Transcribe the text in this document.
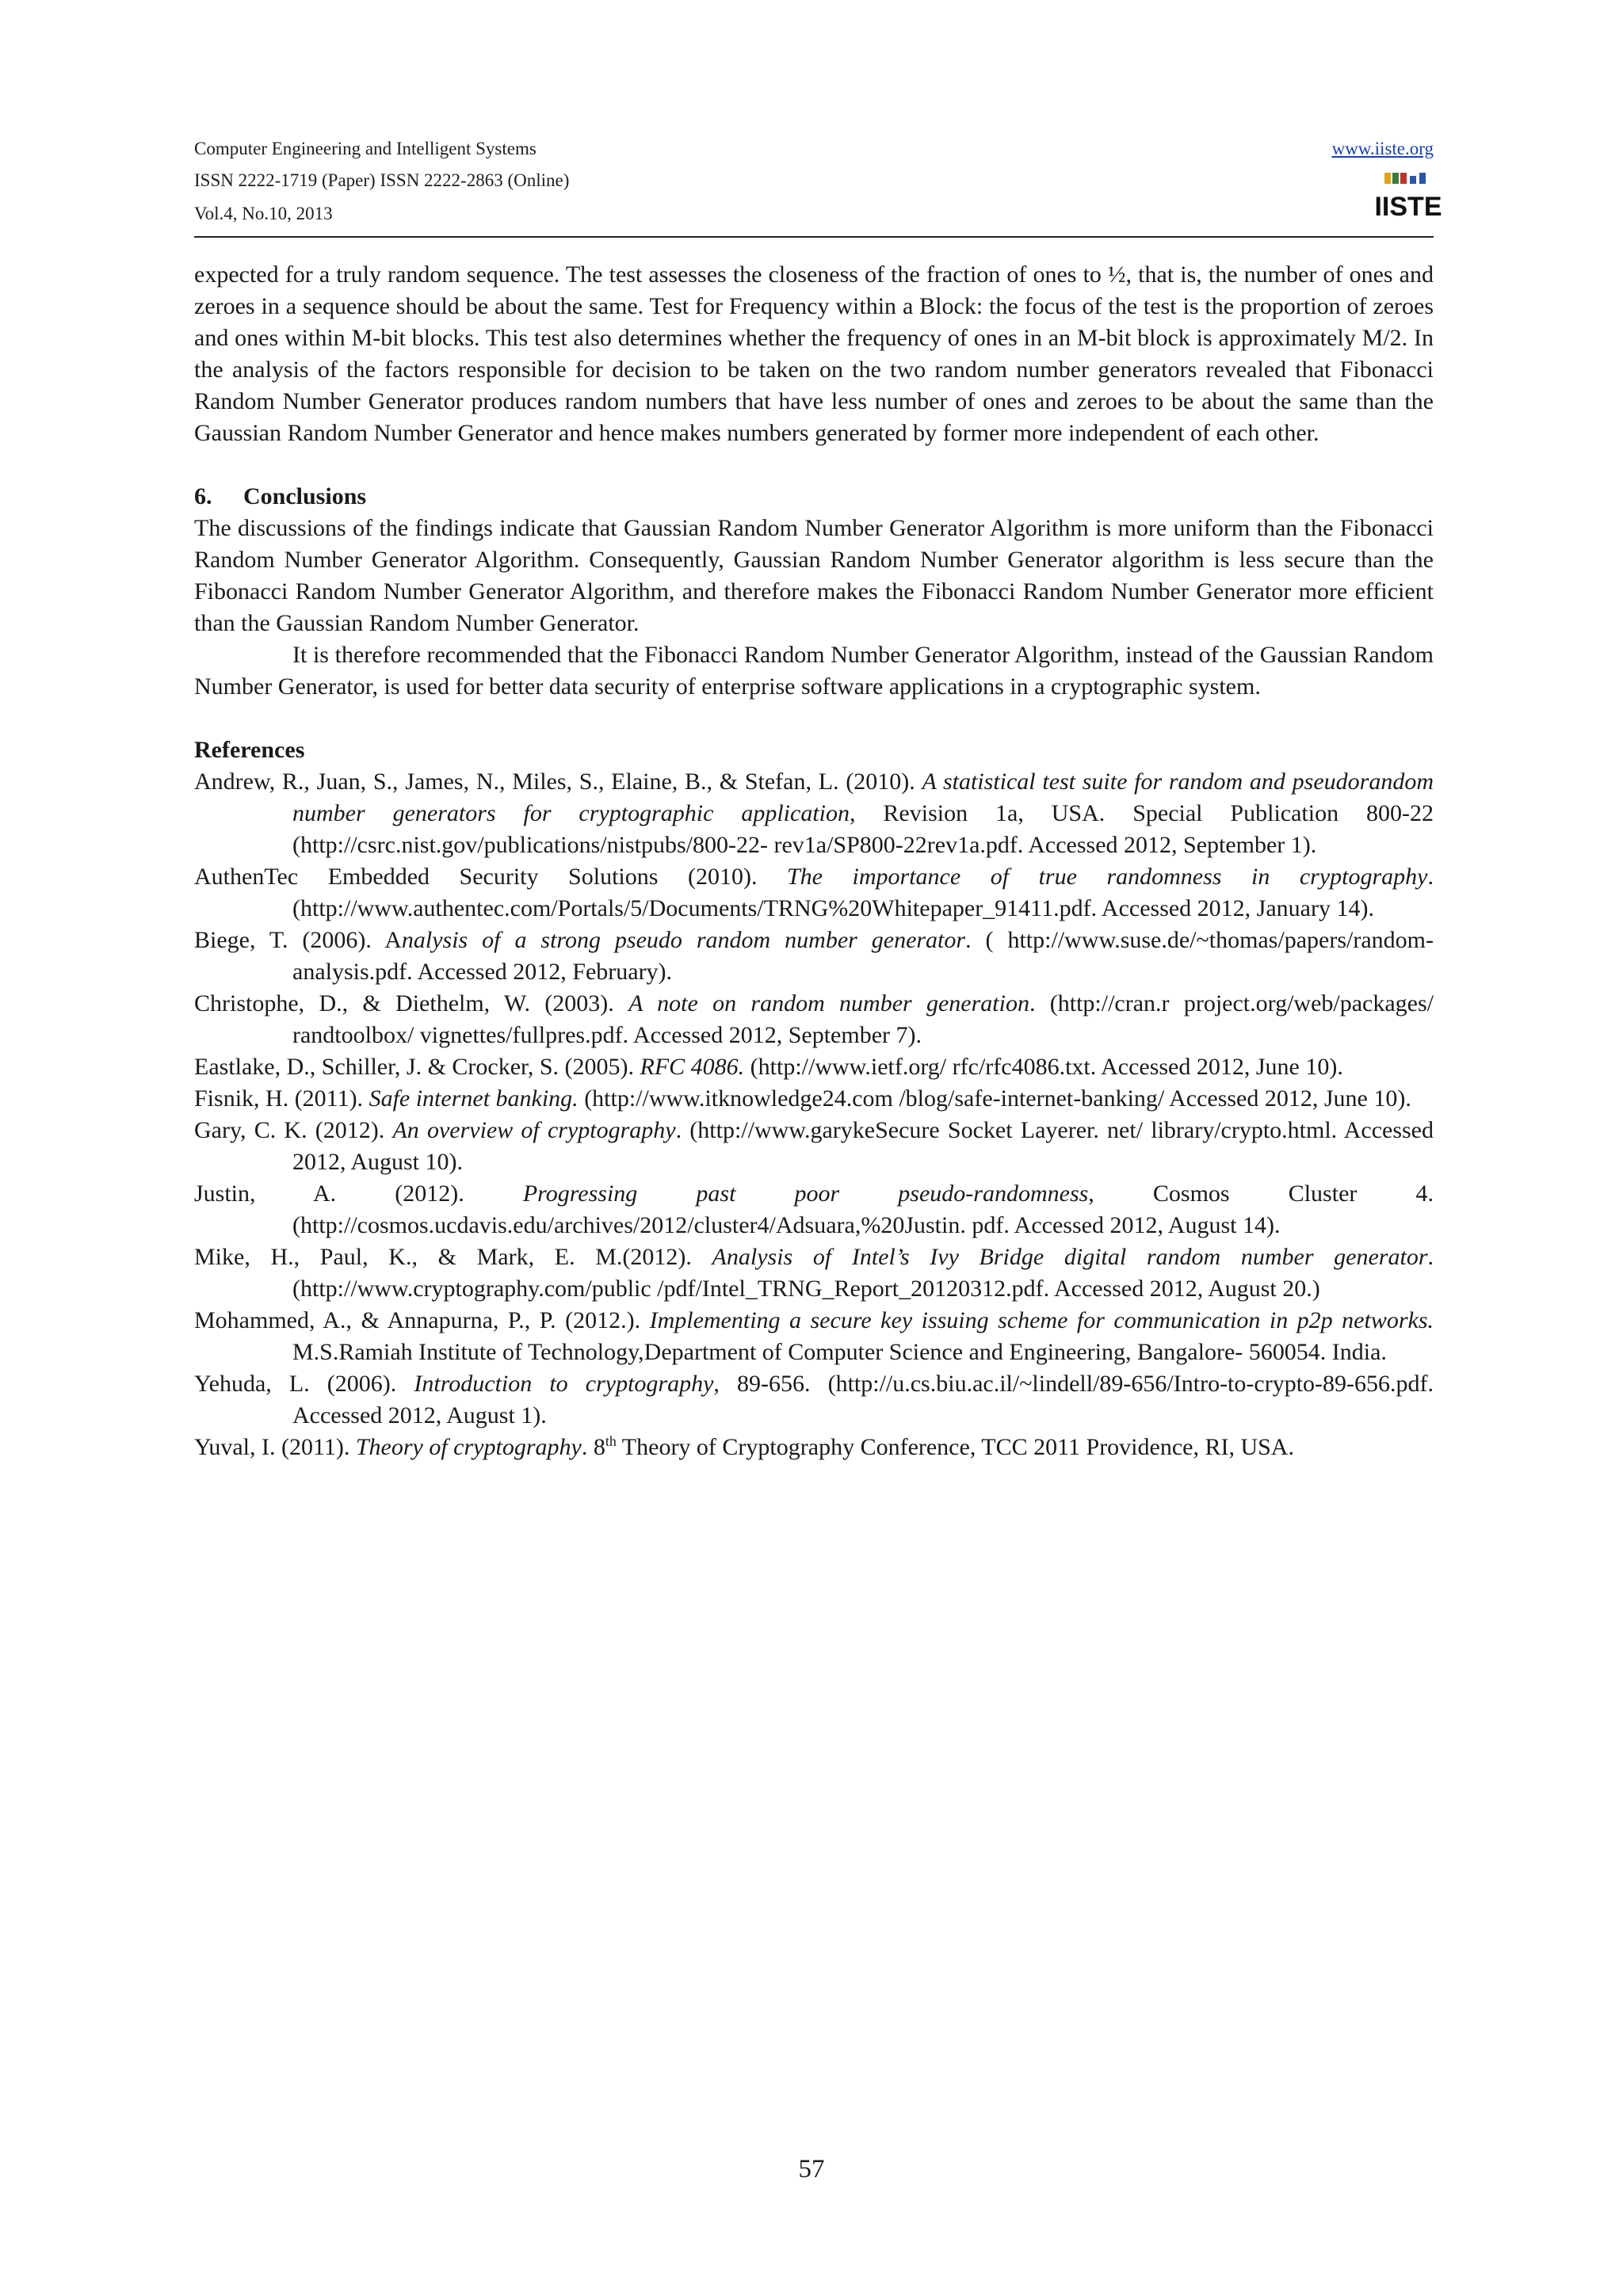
Computer Engineering and Intelligent Systems
ISSN 2222-1719 (Paper) ISSN 2222-2863 (Online)
Vol.4, No.10, 2013
www.iiste.org
IISTE

expected for a truly random sequence. The test assesses the closeness of the fraction of ones to ½, that is, the number of ones and zeroes in a sequence should be about the same. Test for Frequency within a Block: the focus of the test is the proportion of zeroes and ones within M-bit blocks. This test also determines whether the frequency of ones in an M-bit block is approximately M/2. In the analysis of the factors responsible for decision to be taken on the two random number generators revealed that Fibonacci Random Number Generator produces random numbers that have less number of ones and zeroes to be about the same than the Gaussian Random Number Generator and hence makes numbers generated by former more independent of each other.

6. Conclusions

The discussions of the findings indicate that Gaussian Random Number Generator Algorithm is more uniform than the Fibonacci Random Number Generator Algorithm. Consequently, Gaussian Random Number Generator algorithm is less secure than the Fibonacci Random Number Generator Algorithm, and therefore makes the Fibonacci Random Number Generator more efficient than the Gaussian Random Number Generator.

It is therefore recommended that the Fibonacci Random Number Generator Algorithm, instead of the Gaussian Random Number Generator, is used for better data security of enterprise software applications in a cryptographic system.

References

Andrew, R., Juan, S., James, N., Miles, S., Elaine, B., & Stefan, L. (2010). A statistical test suite for random and pseudorandom number generators for cryptographic application, Revision 1a, USA. Special Publication 800-22 (http://csrc.nist.gov/publications/nistpubs/800-22- rev1a/SP800-22rev1a.pdf. Accessed 2012, September 1).

AuthenTec Embedded Security Solutions (2010). The importance of true randomness in cryptography. (http://www.authentec.com/Portals/5/Documents/TRNG%20Whitepaper_91411.pdf. Accessed 2012, January 14).

Biege, T. (2006). Analysis of a strong pseudo random number generator. ( http://www.suse.de/~thomas/papers/random-analysis.pdf. Accessed 2012, February).

Christophe, D., & Diethelm, W. (2003). A note on random number generation. (http://cran.r project.org/web/packages/ randtoolbox/ vignettes/fullpres.pdf. Accessed 2012, September 7).

Eastlake, D., Schiller, J. & Crocker, S. (2005). RFC 4086. (http://www.ietf.org/ rfc/rfc4086.txt. Accessed 2012, June 10).

Fisnik, H. (2011). Safe internet banking. (http://www.itknowledge24.com /blog/safe-internet-banking/ Accessed 2012, June 10).

Gary, C. K. (2012). An overview of cryptography. (http://www.garykeSecure Socket Layerer. net/ library/crypto.html. Accessed 2012, August 10).

Justin, A. (2012). Progressing past poor pseudo-randomness, Cosmos Cluster 4. (http://cosmos.ucdavis.edu/archives/2012/cluster4/Adsuara,%20Justin. pdf. Accessed 2012, August 14).

Mike, H., Paul, K., & Mark, E. M.(2012). Analysis of Intel’s Ivy Bridge digital random number generator. (http://www.cryptography.com/public /pdf/Intel_TRNG_Report_20120312.pdf. Accessed 2012, August 20.)

Mohammed, A., & Annapurna, P., P. (2012.). Implementing a secure key issuing scheme for communication in p2p networks. M.S.Ramiah Institute of Technology,Department of Computer Science and Engineering, Bangalore- 560054. India.

Yehuda, L. (2006). Introduction to cryptography, 89-656. (http://u.cs.biu.ac.il/~lindell/89-656/Intro-to-crypto-89-656.pdf. Accessed 2012, August 1).

Yuval, I. (2011). Theory of cryptography. 8th Theory of Cryptography Conference, TCC 2011 Providence, RI, USA.

57
